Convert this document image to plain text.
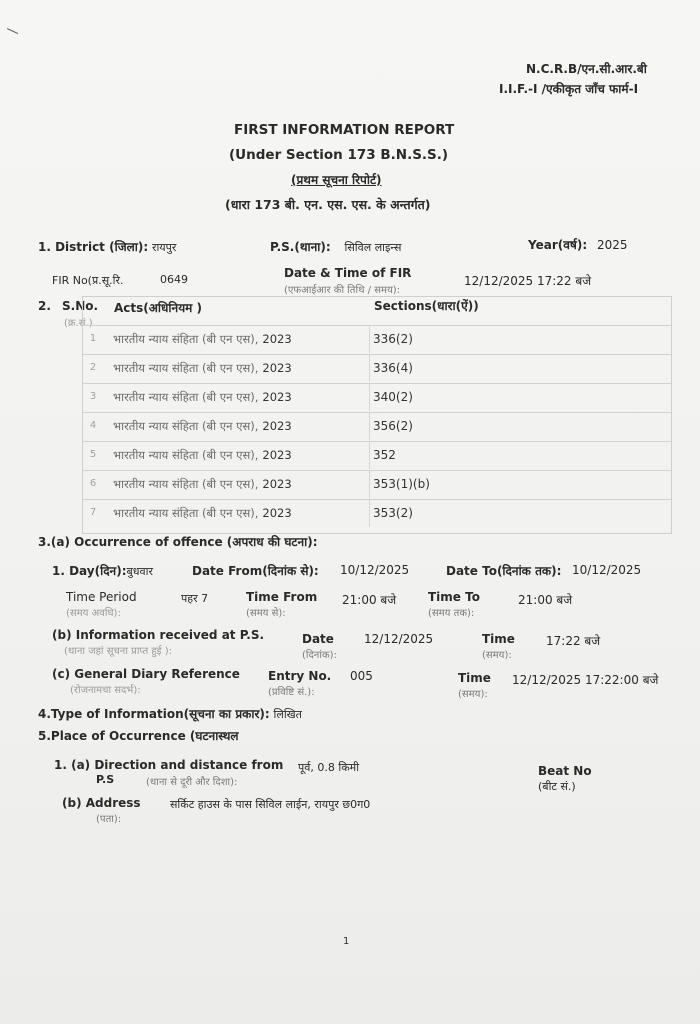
N.C.R.B/एन.सी.आर.बी
I.I.F.-I /एकीकृत जाँच फार्म-I
FIRST INFORMATION REPORT
(Under Section 173 B.N.S.S.)
(प्रथम सूचना रिपोर्ट)
(धारा 173 बी. एन. एस. एस. के अन्तर्गत)
1. District (जिला): रायपुर	P.S.(थाना): सिविल लाइन्स	Year(वर्ष): 2025
FIR No(प्र.सू.रि.	0649	Date & Time of FIR
(एफआईआर की तिथि / समय):
12/12/2025 17:22 बजे
2. S.No.
(क्र.सं.)
Acts(अधिनियम )	Sections(धारा(ऐं))
1	भारतीय न्याय संहिता (बी एन एस), 2023	336(2)
2	भारतीय न्याय संहिता (बी एन एस), 2023	336(4)
3	भारतीय न्याय संहिता (बी एन एस), 2023	340(2)
4	भारतीय न्याय संहिता (बी एन एस), 2023	356(2)
5	भारतीय न्याय संहिता (बी एन एस), 2023	352
6	भारतीय न्याय संहिता (बी एन एस), 2023	353(1)(b)
7	भारतीय न्याय संहिता (बी एन एस), 2023	353(2)
3.(a) Occurrence of offence (अपराध की घटना):
1. Day(दिन):बुधवार	Date From(दिनांक से): 10/12/2025	Date To(दिनांक तक): 10/12/2025
Time Period
(समय अवधि):
पहर 7	Time From
(समय से):
21:00 बजे	Time To
(समय तक):
21:00 बजे
(b) Information received at P.S.
(थाना जहां सूचना प्राप्त हुई ):
Date
(दिनांक):
12/12/2025	Time
(समय):
17:22 बजे
(c) General Diary Reference
(रोजनामचा सदर्भ):
Entry No.
(प्रविष्टि सं.):
005	Time
(समय):
12/12/2025 17:22:00 बजे
4.Type of Information(सूचना का प्रकार): लिखित
5.Place of Occurrence (घटनास्थल
1. (a) Direction and distance from
P.S	(थाना से दूरी और दिशा):
पूर्व, 0.8 किमी	Beat No
(बीट सं.)
(b) Address
(पता):
सर्किट हाउस के पास सिविल लाईन, रायपुर छ0ग0
1
